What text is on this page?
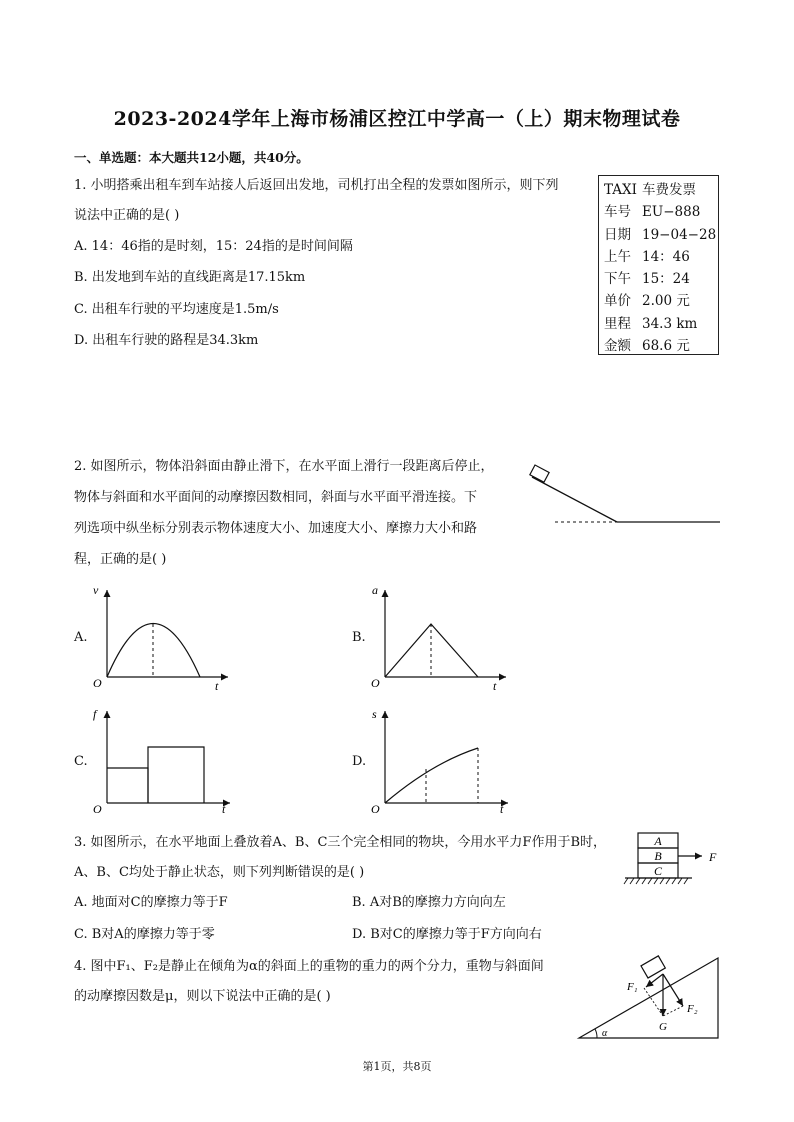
2023-2024学年上海市杨浦区控江中学高一（上）期末物理试卷
一、单选题：本大题共12小题，共40分。
1. 小明搭乘出租车到车站接人后返回出发地，司机打出全程的发票如图所示，则下列
说法中正确的是( )
A. 14：46指的是时刻，15：24指的是时间间隔
B. 出发地到车站的直线距离是17.15km
C. 出租车行驶的平均速度是1.5m/s
D. 出租车行驶的路程是34.3km
TAXI 车费发票
车号 EU−888
日期 19−04−28
上午 14：46
下午 15：24
单价 2.00 元
里程 34.3 km
金额 68.6 元
2. 如图所示，物体沿斜面由静止滑下，在水平面上滑行一段距离后停止，
物体与斜面和水平面间的动摩擦因数相同，斜面与水平面平滑连接。下
列选项中纵坐标分别表示物体速度大小、加速度大小、摩擦力大小和路
程，正确的是( )
A.
v
O	t
B.
a
O	t
C.
f
O	t
D.
s
O	t
3. 如图所示，在水平地面上叠放着A、B、C三个完全相同的物块，今用水平力F作用于B时，
A、B、C均处于静止状态，则下列判断错误的是( )
A. 地面对C的摩擦力等于F	B. A对B的摩擦力方向向左
C. B对A的摩擦力等于零	D. B对C的摩擦力等于F方向向右
A
B
C
F
4. 图中F₁、F₂是静止在倾角为α的斜面上的重物的重力的两个分力，重物与斜面间
的动摩擦因数是μ，则以下说法中正确的是( )
α
F₁
F₂
G
第1页，共8页
